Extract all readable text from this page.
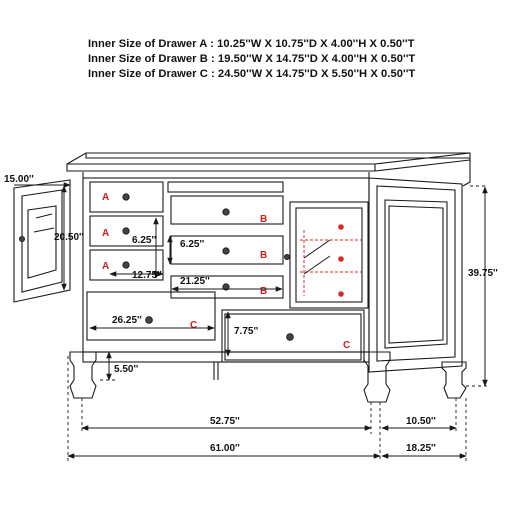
Inner Size of Drawer A : 10.25''W X 10.75''D X 4.00''H X 0.50''T
Inner Size of Drawer B : 19.50''W X 14.75''D X 4.00''H X 0.50''T
Inner Size of Drawer C : 24.50''W X 14.75''D X 5.50''H X 0.50''T
A
A
A
B
B
B
C
C
15.00''
20.50''	6.25'' 6.25''
12.75''
21.25''
26.25''
7.75''
5.50''
39.75''
52.75''
61.00''
10.50''
18.25''
